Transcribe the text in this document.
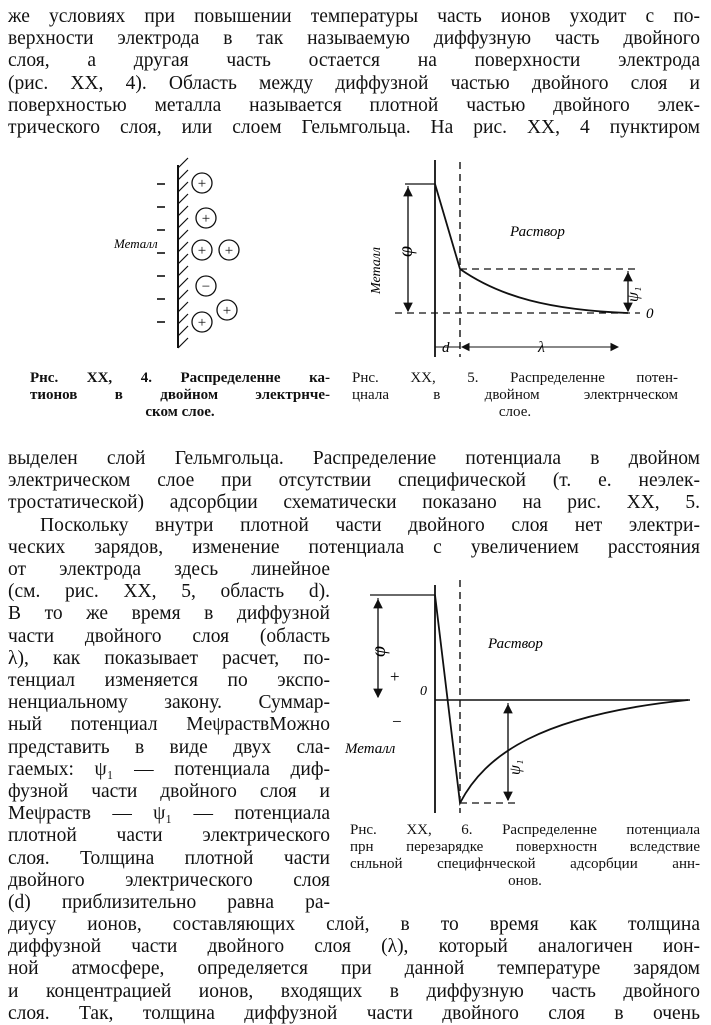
же условиях при повышении температуры часть ионов уходит с по-
верхности электрода в так называемую диффузную часть двойного
слоя, а другая часть остается на поверхности электрода
(рис. XX, 4). Область между диффузной частью двойного слоя и
поверхностью металла называется плотной частью двойного элек-
трического слоя, или слоем Гельмгольца. На рис. XX, 4 пунктиром
Металл
+
+
+ +
−
+
+
Рнс. XX, 4. Распределенне ка-
тионов в двойном электрнче-
ском слое.
Металл
Раствор
φ
ψ₁
0
d	λ
Рнс. XX, 5. Распределенне потен-
цнала в двойном электрнческом
слое.
выделен слой Гельмгольца. Распределение потенциала в двойном
электрическом слое при отсутствии специфической (т. е. неэлек-
тростатической) адсорбции схематически показано на рис. XX, 5.
Поскольку внутри плотной части двойного слоя нет электри-
ческих зарядов, изменение потенциала с увеличением расстояния
от электрода здесь линейное
(см. рис. XX, 5, область d).
В то же время в диффузной
части двойного слоя (область
λ), как показывает расчет, по-
тенциал изменяется по экспо-
ненциальному закону. Суммар-
ный потенциал MeψраствMoжно
представить в виде двух сла-
гаемых: ψ₁ — потенциала диф-
фузной части двойного слоя и
Meψраств — ψ₁ — потенциала
плотной части электрического
слоя. Толщина плотной части
двойного электрического слоя
(d) приблизительно равна ра-
Раствор
φ
+
0
−
Металл
ψ₁
Рнс. XX, 6. Распределенне потенциала
прн перезарядке поверхностн вследствие
снльной специфнческой адсорбции анн-
онов.
диусу ионов, составляющих слой, в то время как толщина
диффузной части двойного слоя (λ), который аналогичен ион-
ной атмосфере, определяется при данной температуре зарядом
и концентрацией ионов, входящих в диффузную часть двойного
слоя. Так, толщина диффузной части двойного слоя в очень
